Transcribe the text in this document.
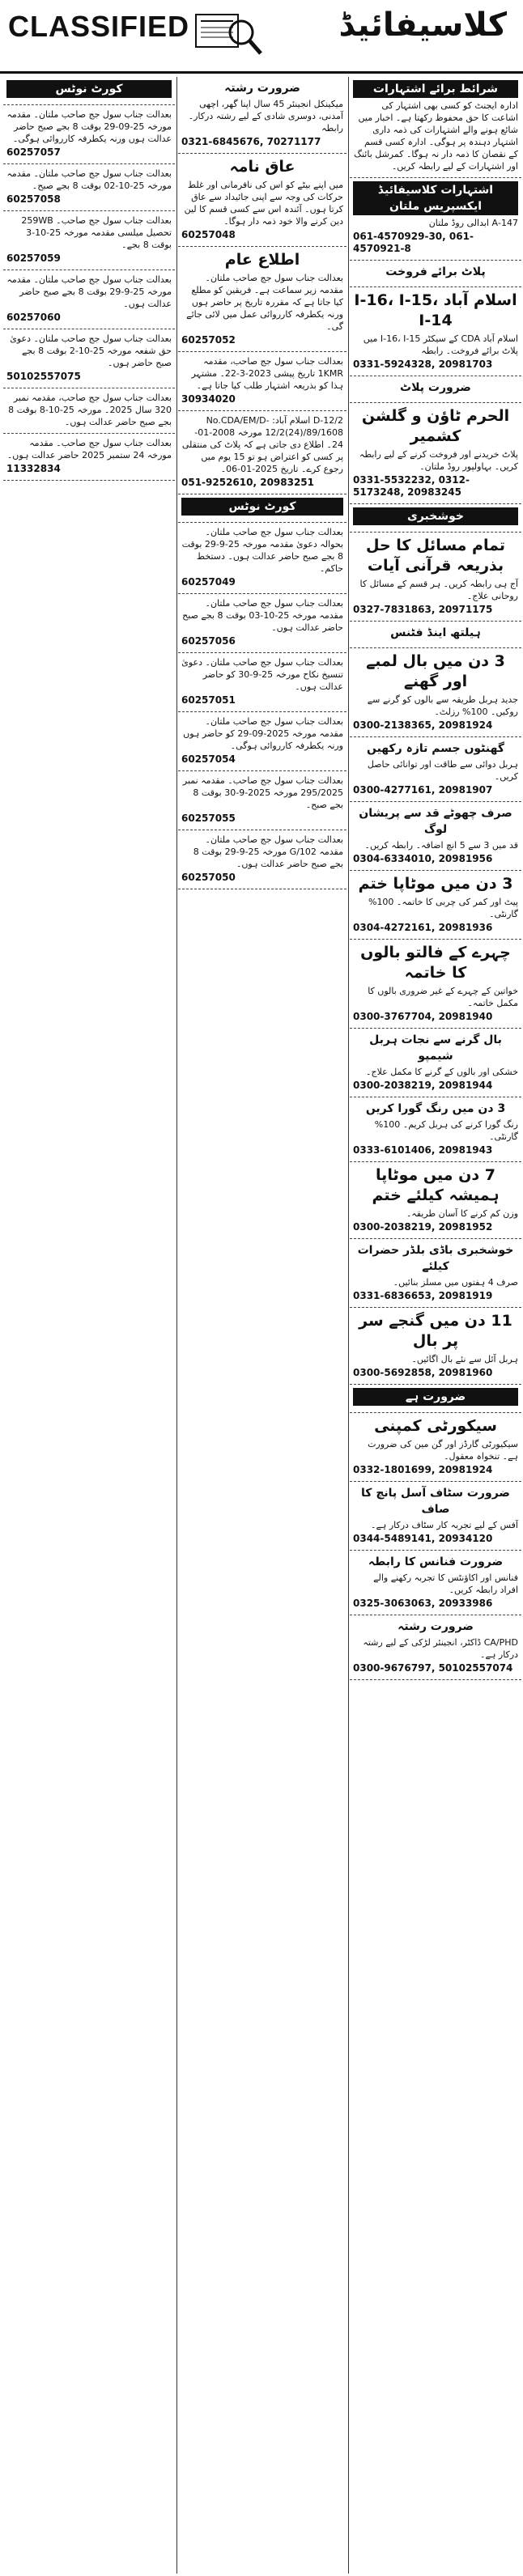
CLASSIFIED	کلاسیفائیڈ
شرائط برائے اشتہارات
ادارہ ایجنٹ کو کسی بھی اشتہار کی اشاعت کا حق محفوظ رکھتا ہے۔ اخبار میں شائع ہونے والے اشتہارات کی ذمہ داری اشتہار دہندہ پر ہوگی۔ ادارہ کسی قسم کے نقصان کا ذمہ دار نہ ہوگا۔ کمرشل بائنگ اور اشتہارات کے لیے رابطہ کریں۔
اشتہارات کلاسیفائیڈ ایکسپریس ملتان
147-A ابدالی روڈ ملتان
061-4570929-30, 061-4570921-8
پلاٹ برائے فروخت
اسلام آباد I-16، I-15، I-14
اسلام آباد CDA کے سیکٹر I-16، I-15 میں پلاٹ برائے فروخت۔ رابطہ
0331-5924328, 20981703
ضرورت پلاٹ
الحرم ٹاؤن و گلشن کشمیر
پلاٹ خریدنے اور فروخت کرنے کے لیے رابطہ کریں۔ بہاولپور روڈ ملتان۔
0331-5532232, 0312-5173248, 20983245
خوشخبری
تمام مسائل کا حل بذریعہ قرآنی آیات
آج ہی رابطہ کریں۔ ہر قسم کے مسائل کا روحانی علاج۔
0327-7831863, 20971175
ہیلتھ اینڈ فٹنس
3 دن میں بال لمبے اور گھنے
جدید ہربل طریقہ سے بالوں کو گرنے سے روکیں۔ 100% رزلٹ۔
0300-2138365, 20981924
گھنٹوں جسم تازہ رکھیں
ہربل دوائی سے طاقت اور توانائی حاصل کریں۔
0300-4277161, 20981907
صرف چھوٹے قد سے پریشان لوگ
قد میں 3 سے 5 انچ اضافہ۔ رابطہ کریں۔
0304-6334010, 20981956
3 دن میں موٹاپا ختم
پیٹ اور کمر کی چربی کا خاتمہ۔ 100% گارنٹی۔
0304-4272161, 20981936
چہرے کے فالتو بالوں کا خاتمہ
خواتین کے چہرے کے غیر ضروری بالوں کا مکمل خاتمہ۔
0300-3767704, 20981940
بال گرنے سے نجات ہربل شیمپو
خشکی اور بالوں کے گرنے کا مکمل علاج۔
0300-2038219, 20981944
3 دن میں رنگ گورا کریں
رنگ گورا کرنے کی ہربل کریم۔ 100% گارنٹی۔
0333-6101406, 20981943
7 دن میں موٹاپا ہمیشہ کیلئے ختم
وزن کم کرنے کا آسان طریقہ۔
0300-2038219, 20981952
خوشخبری باڈی بلڈر حضرات کیلئے
صرف 4 ہفتوں میں مسلز بنائیں۔
0331-6836653, 20981919
11 دن میں گنجے سر پر بال
ہربل آئل سے نئے بال اگائیں۔
0300-5692858, 20981960
ضرورت ہے
سیکورٹی کمپنی
سیکیورٹی گارڈز اور گن مین کی ضرورت ہے۔ تنخواہ معقول۔
0332-1801699, 20981924
ضرورت سٹاف آسل پانچ کا صاف
آفس کے لیے تجربہ کار سٹاف درکار ہے۔
0344-5489141, 20934120
ضرورت فنانس کا رابطہ
فنانس اور اکاؤنٹس کا تجربہ رکھنے والے افراد رابطہ کریں۔
0325-3063063, 20933986
ضرورت رشتہ
CA/PHD ڈاکٹر، انجینئر لڑکی کے لیے رشتہ درکار ہے۔
0300-9676797, 50102557074
ضرورت رشتہ
میکینکل انجینئر 45 سال اپنا گھر، اچھی آمدنی، دوسری شادی کے لیے رشتہ درکار۔ رابطہ
0321-6845676, 70271177
عاق نامہ
میں اپنے بیٹے کو اس کی نافرمانی اور غلط حرکات کی وجہ سے اپنی جائیداد سے عاق کرتا ہوں۔ آئندہ اس سے کسی قسم کا لین دین کرنے والا خود ذمہ دار ہوگا۔
60257048
اطلاع عام
بعدالت جناب سول جج صاحب ملتان۔ مقدمہ زیر سماعت ہے۔ فریقین کو مطلع کیا جاتا ہے کہ مقررہ تاریخ پر حاضر ہوں ورنہ یکطرفہ کارروائی عمل میں لائی جائے گی۔
60257052
بعدالت جناب سول جج صاحب، مقدمہ 1KMR تاریخ پیشی 2023-3-22۔ مشتہر ہذا کو بذریعہ اشتہار طلب کیا جاتا ہے۔
30934020
D-12/2 اسلام آباد: No.CDA/EM/D-12/2(24)/89/1608 مورخہ 2008-01-24۔ اطلاع دی جاتی ہے کہ پلاٹ کی منتقلی پر کسی کو اعتراض ہو تو 15 یوم میں رجوع کرے۔ تاریخ 2025-01-06۔
051-9252610, 20983251
کورٹ نوٹس
بعدالت جناب سول جج صاحب ملتان۔ بحوالہ دعویٰ مقدمہ مورخہ 25-9-29 بوقت 8 بجے صبح حاضر عدالت ہوں۔ دستخط حاکم۔
60257049
بعدالت جناب سول جج صاحب ملتان۔ مقدمہ مورخہ 25-10-03 بوقت 8 بجے صبح حاضر عدالت ہوں۔
60257056
بعدالت جناب سول جج صاحب ملتان۔ دعویٰ تنسیخ نکاح مورخہ 25-9-30 کو حاضر عدالت ہوں۔
60257051
بعدالت جناب سول جج صاحب ملتان۔ مقدمہ مورخہ 2025-09-29 کو حاضر ہوں ورنہ یکطرفہ کارروائی ہوگی۔
60257054
بعدالت جناب سول جج صاحب۔ مقدمہ نمبر 295/2025 مورخہ 2025-9-30 بوقت 8 بجے صبح۔
60257055
بعدالت جناب سول جج صاحب ملتان۔ مقدمہ 102/G مورخہ 25-9-29 بوقت 8 بجے صبح حاضر عدالت ہوں۔
60257050
کورٹ نوٹس
بعدالت جناب سول جج صاحب ملتان۔ مقدمہ مورخہ 25-09-29 بوقت 8 بجے صبح حاضر عدالت ہوں ورنہ یکطرفہ کارروائی ہوگی۔
60257057
بعدالت جناب سول جج صاحب ملتان۔ مقدمہ مورخہ 25-10-02 بوقت 8 بجے صبح۔
60257058
بعدالت جناب سول جج صاحب۔ 259WB تحصیل میلسی مقدمہ مورخہ 25-10-3 بوقت 8 بجے۔
60257059
بعدالت جناب سول جج صاحب ملتان۔ مقدمہ مورخہ 25-9-29 بوقت 8 بجے صبح حاضر عدالت ہوں۔
60257060
بعدالت جناب سول جج صاحب ملتان۔ دعویٰ حق شفعہ مورخہ 25-10-2 بوقت 8 بجے صبح حاضر ہوں۔
50102557075
بعدالت جناب سول جج صاحب، مقدمہ نمبر 320 سال 2025۔ مورخہ 25-10-8 بوقت 8 بجے صبح حاضر عدالت ہوں۔
بعدالت جناب سول جج صاحب۔ مقدمہ مورخہ 24 ستمبر 2025 حاضر عدالت ہوں۔
11332834
